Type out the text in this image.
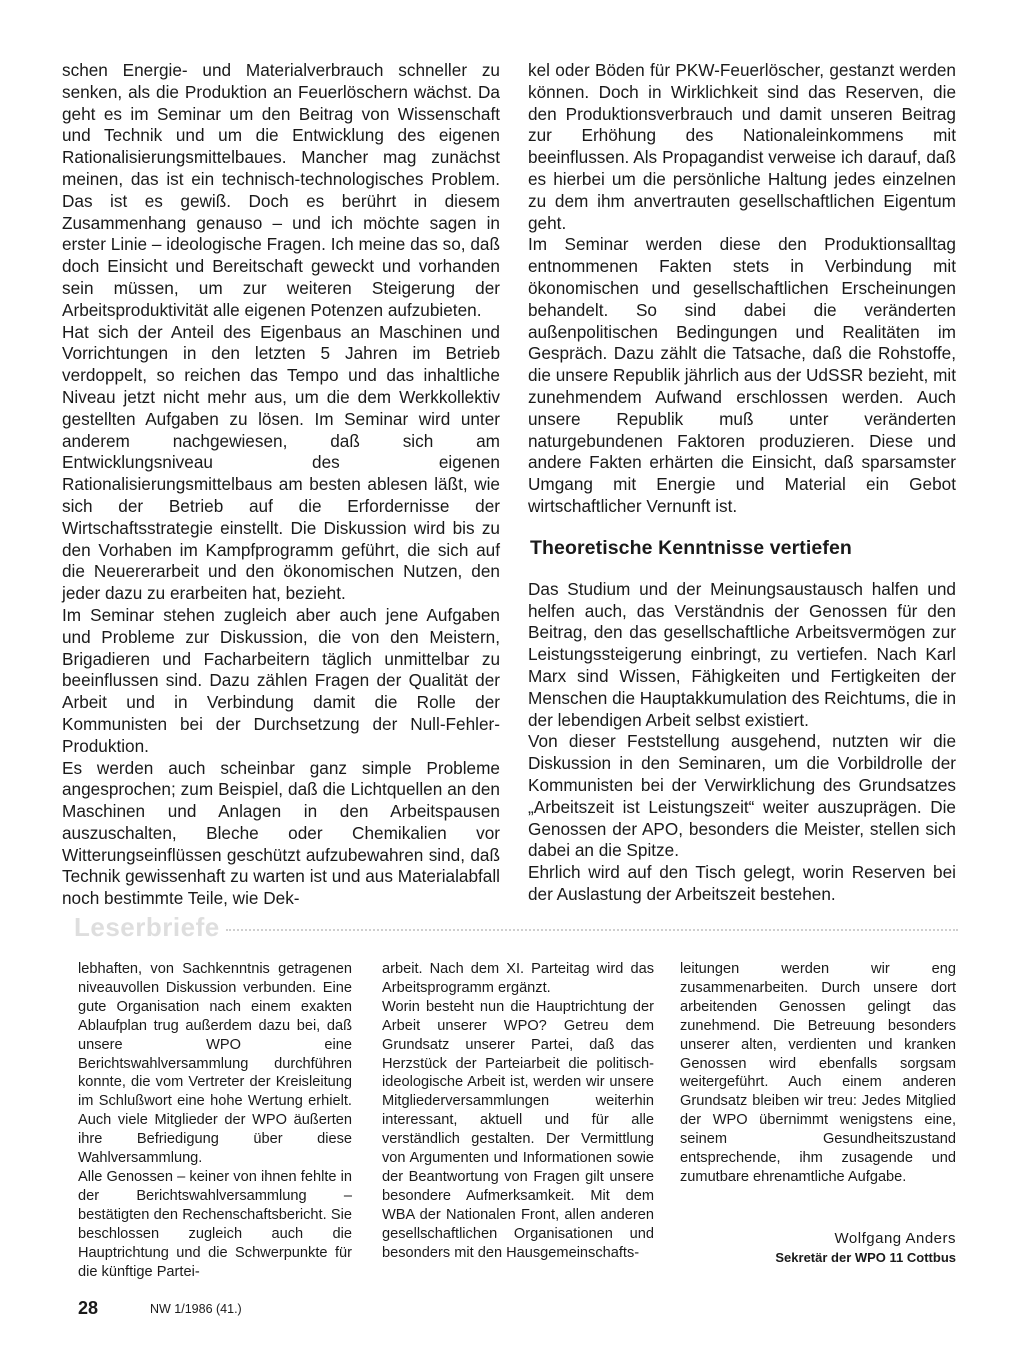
schen Energie- und Materialverbrauch schneller zu senken, als die Produktion an Feuerlöschern wächst. Da geht es im Seminar um den Beitrag von Wissenschaft und Technik und um die Entwicklung des eigenen Rationalisierungsmittelbaues. Mancher mag zunächst meinen, das ist ein technisch-technologisches Problem. Das ist es gewiß. Doch es berührt in diesem Zusammenhang genauso – und ich möchte sagen in erster Linie – ideologische Fragen. Ich meine das so, daß doch Einsicht und Bereitschaft geweckt und vorhanden sein müssen, um zur weiteren Steigerung der Arbeitsproduktivität alle eigenen Potenzen aufzubieten.

Hat sich der Anteil des Eigenbaus an Maschinen und Vorrichtungen in den letzten 5 Jahren im Betrieb verdoppelt, so reichen das Tempo und das inhaltliche Niveau jetzt nicht mehr aus, um die dem Werkkollektiv gestellten Aufgaben zu lösen. Im Seminar wird unter anderem nachgewiesen, daß sich am Entwicklungsniveau des eigenen Rationalisierungsmittelbaus am besten ablesen läßt, wie sich der Betrieb auf die Erfordernisse der Wirtschaftsstrategie einstellt. Die Diskussion wird bis zu den Vorhaben im Kampfprogramm geführt, die sich auf die Neuererarbeit und den ökonomischen Nutzen, den jeder dazu zu erarbeiten hat, bezieht.

Im Seminar stehen zugleich aber auch jene Aufgaben und Probleme zur Diskussion, die von den Meistern, Brigadieren und Facharbeitern täglich unmittelbar zu beeinflussen sind. Dazu zählen Fragen der Qualität der Arbeit und in Verbindung damit die Rolle der Kommunisten bei der Durchsetzung der Null-Fehler-Produktion.

Es werden auch scheinbar ganz simple Probleme angesprochen; zum Beispiel, daß die Lichtquellen an den Maschinen und Anlagen in den Arbeitspausen auszuschalten, Bleche oder Chemikalien vor Witterungseinflüssen geschützt aufzubewahren sind, daß Technik gewissenhaft zu warten ist und aus Materialabfall noch bestimmte Teile, wie Dek-

kel oder Böden für PKW-Feuerlöscher, gestanzt werden können. Doch in Wirklichkeit sind das Reserven, die den Produktionsverbrauch und damit unseren Beitrag zur Erhöhung des Nationaleinkommens mit beeinflussen. Als Propagandist verweise ich darauf, daß es hierbei um die persönliche Haltung jedes einzelnen zu dem ihm anvertrauten gesellschaftlichen Eigentum geht.

Im Seminar werden diese den Produktionsalltag entnommenen Fakten stets in Verbindung mit ökonomischen und gesellschaftlichen Erscheinungen behandelt. So sind dabei die veränderten außenpolitischen Bedingungen und Realitäten im Gespräch. Dazu zählt die Tatsache, daß die Rohstoffe, die unsere Republik jährlich aus der UdSSR bezieht, mit zunehmendem Aufwand erschlossen werden. Auch unsere Republik muß unter veränderten naturgebundenen Faktoren produzieren. Diese und andere Fakten erhärten die Einsicht, daß sparsamster Umgang mit Energie und Material ein Gebot wirtschaftlicher Vernunft ist.

Theoretische Kenntnisse vertiefen

Das Studium und der Meinungsaustausch halfen und helfen auch, das Verständnis der Genossen für den Beitrag, den das gesellschaftliche Arbeitsvermögen zur Leistungssteigerung einbringt, zu vertiefen. Nach Karl Marx sind Wissen, Fähigkeiten und Fertigkeiten der Menschen die Hauptakkumulation des Reichtums, die in der lebendigen Arbeit selbst existiert.

Von dieser Feststellung ausgehend, nutzten wir die Diskussion in den Seminaren, um die Vorbildrolle der Kommunisten bei der Verwirklichung des Grundsatzes „Arbeitszeit ist Leistungszeit“ weiter auszuprägen. Die Genossen der APO, besonders die Meister, stellen sich dabei an die Spitze.

Ehrlich wird auf den Tisch gelegt, worin Reserven bei der Auslastung der Arbeitszeit bestehen.

Leserbriefe

lebhaften, von Sachkenntnis getragenen niveauvollen Diskussion verbunden. Eine gute Organisation nach einem exakten Ablaufplan trug außerdem dazu bei, daß unsere WPO eine Berichtswahlversammlung durchführen konnte, die vom Vertreter der Kreisleitung im Schlußwort eine hohe Wertung erhielt. Auch viele Mitglieder der WPO äußerten ihre Befriedigung über diese Wahlversammlung.

Alle Genossen – keiner von ihnen fehlte in der Berichtswahlversammlung – bestätigten den Rechenschaftsbericht. Sie beschlossen zugleich auch die Hauptrichtung und die Schwerpunkte für die künftige Partei-

arbeit. Nach dem XI. Parteitag wird das Arbeitsprogramm ergänzt.

Worin besteht nun die Hauptrichtung der Arbeit unserer WPO? Getreu dem Grundsatz unserer Partei, daß das Herzstück der Parteiarbeit die politisch-ideologische Arbeit ist, werden wir unsere Mitgliederversammlungen weiterhin interessant, aktuell und für alle verständlich gestalten. Der Vermittlung von Argumenten und Informationen sowie der Beantwortung von Fragen gilt unsere besondere Aufmerksamkeit. Mit dem WBA der Nationalen Front, allen anderen gesellschaftlichen Organisationen und besonders mit den Hausgemeinschafts-

leitungen werden wir eng zusammenarbeiten. Durch unsere dort arbeitenden Genossen gelingt das zunehmend. Die Betreuung besonders unserer alten, verdienten und kranken Genossen wird ebenfalls sorgsam weitergeführt. Auch einem anderen Grundsatz bleiben wir treu: Jedes Mitglied der WPO übernimmt wenigstens eine, seinem Gesundheitszustand entsprechende, ihm zusagende und zumutbare ehrenamtliche Aufgabe.

Wolfgang Anders
Sekretär der WPO 11 Cottbus
28	NW 1/1986 (41.)
